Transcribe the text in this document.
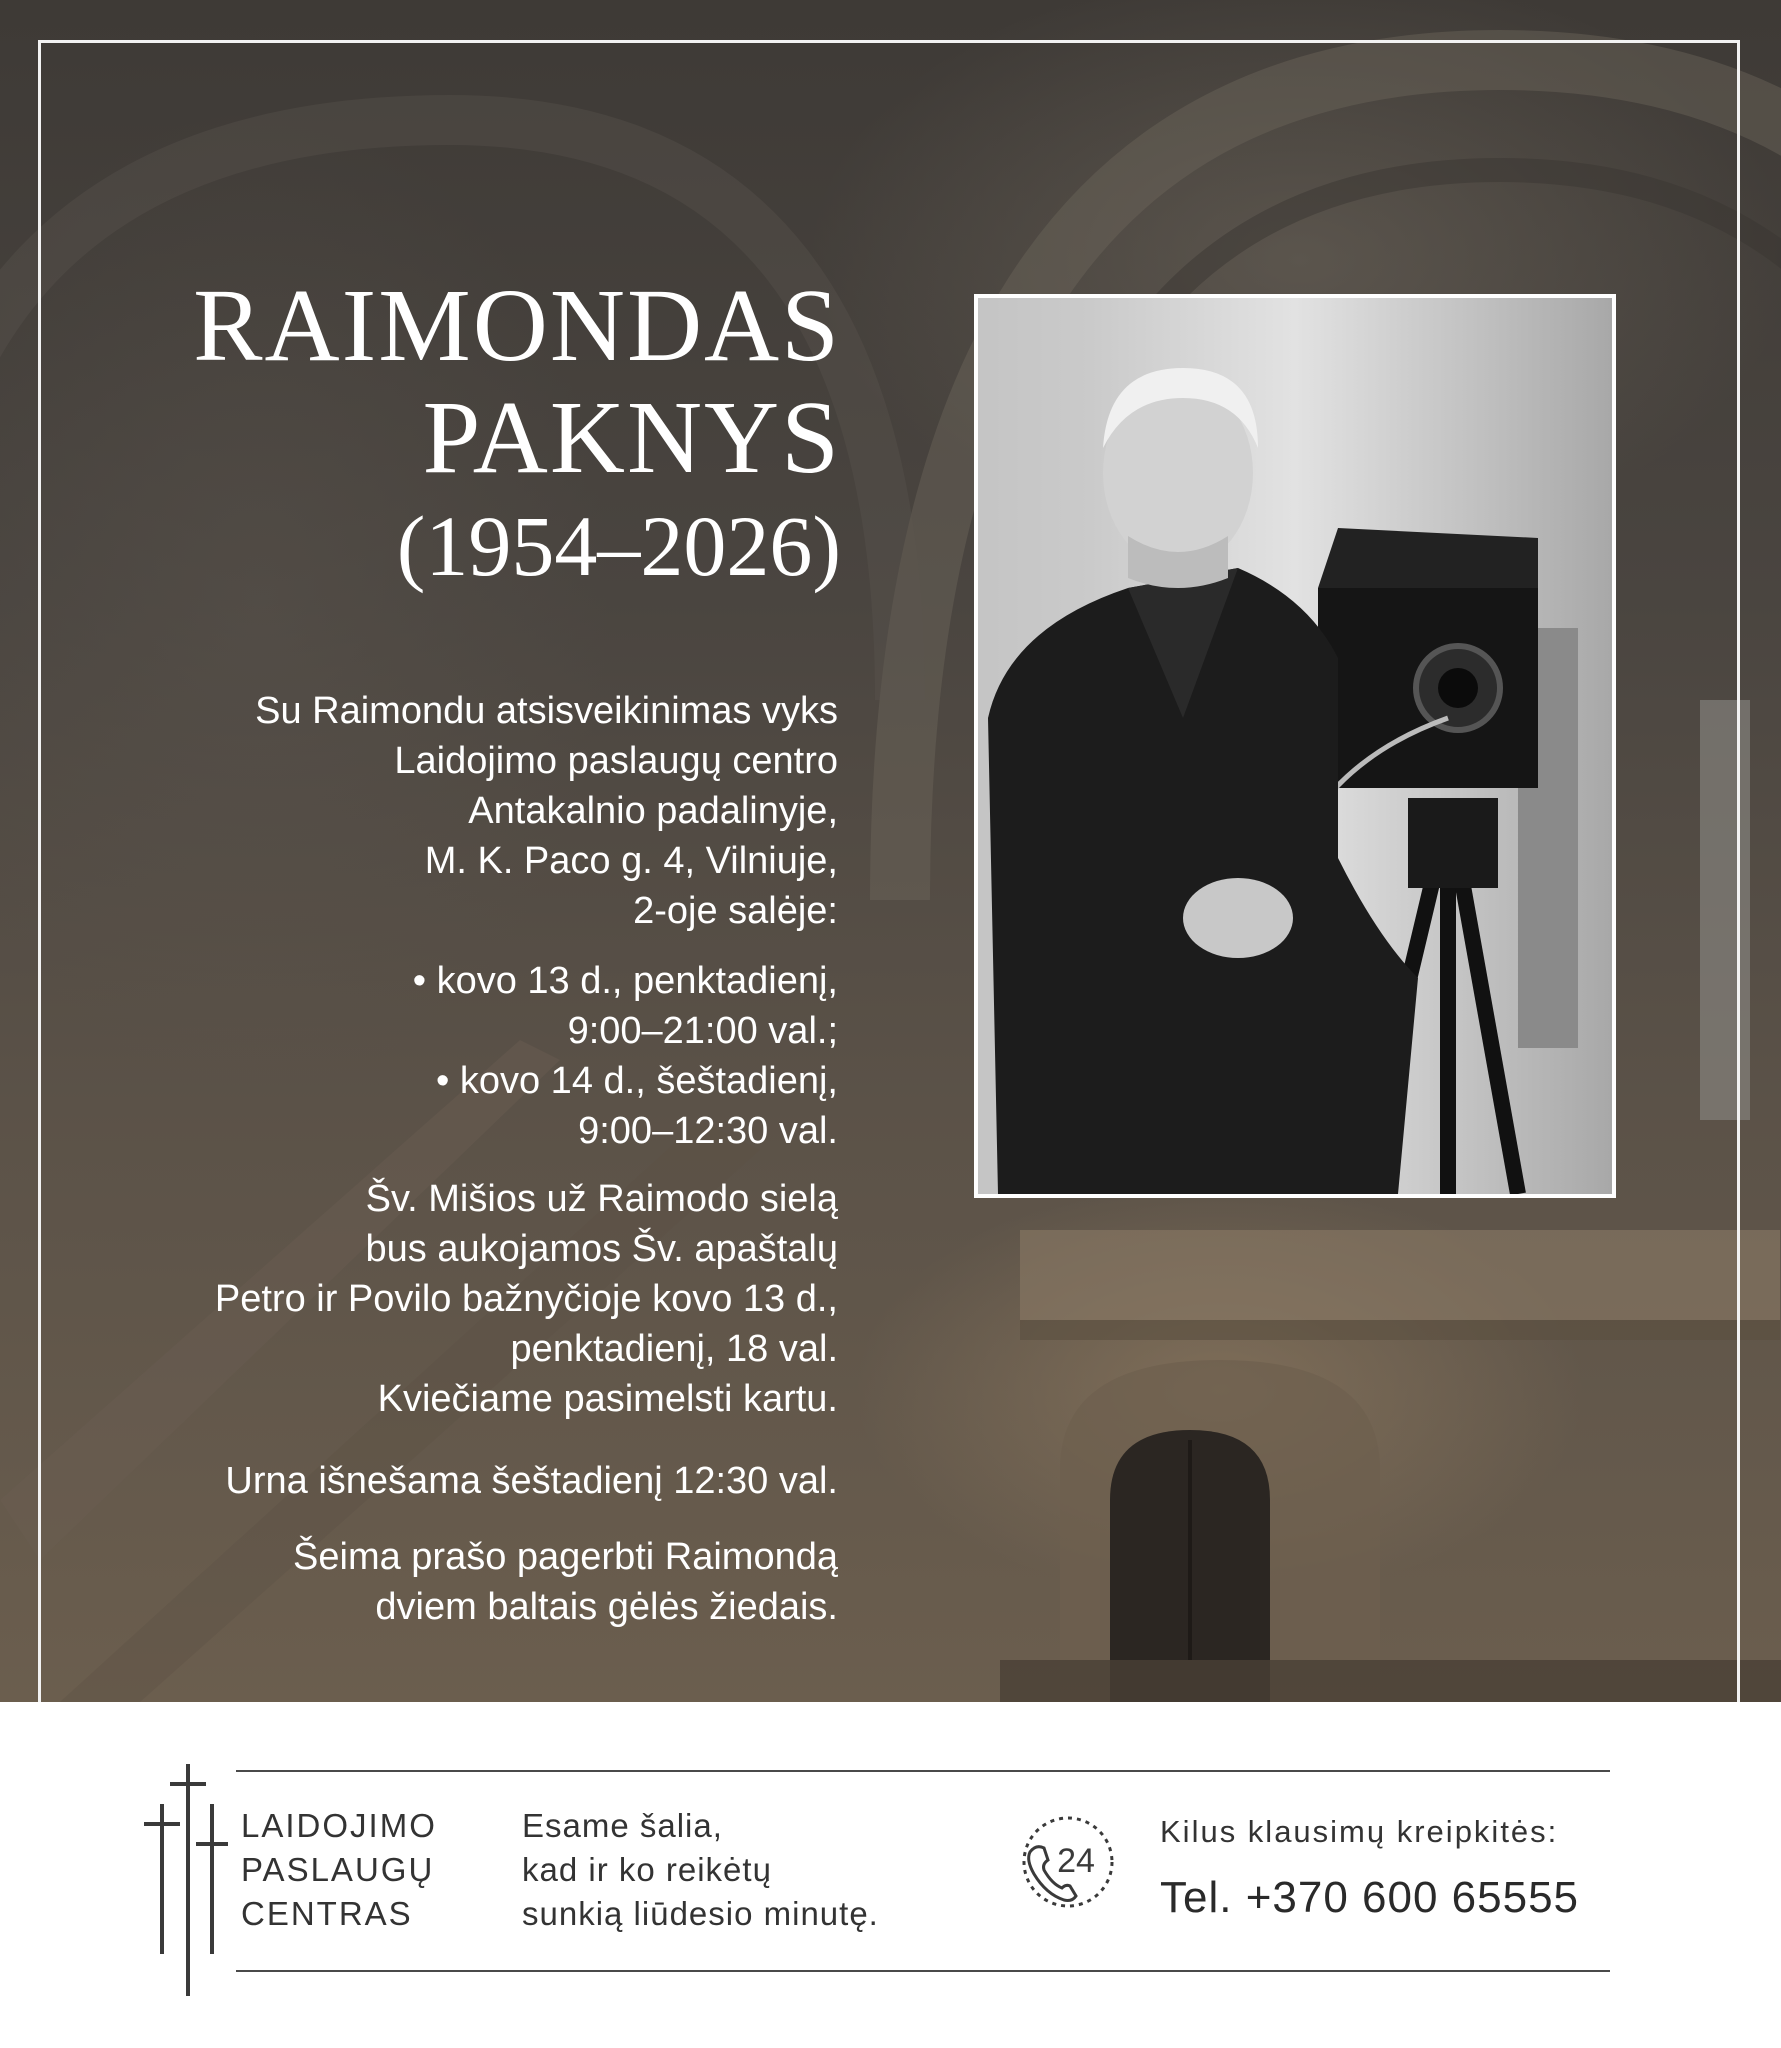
RAIMONDAS
PAKNYS
(1954–2026)

Su Raimondu atsisveikinimas vyks

Laidojimo paslaugų centro

Antakalnio padalinyje,

M. K. Paco g. 4, Vilniuje,

2-oje salėje:

• kovo 13 d., penktadienį,

9:00–21:00 val.;

• kovo 14 d., šeštadienį,

9:00–12:30 val.

Šv. Mišios už Raimodo sielą

bus aukojamos Šv. apaštalų

Petro ir Povilo bažnyčioje kovo 13 d.,

penktadienį, 18 val.

Kviečiame pasimelsti kartu.

Urna išnešama šeštadienį 12:30 val.

Šeima prašo pagerbti Raimondą

dviem baltais gėlės žiedais.

LAIDOJIMO
PASLAUGŲ
CENTRAS
Esame šalia,
kad ir ko reikėtų
sunkią liūdesio minutę.
24
Kilus klausimų kreipkitės:
Tel. +370 600 65555
